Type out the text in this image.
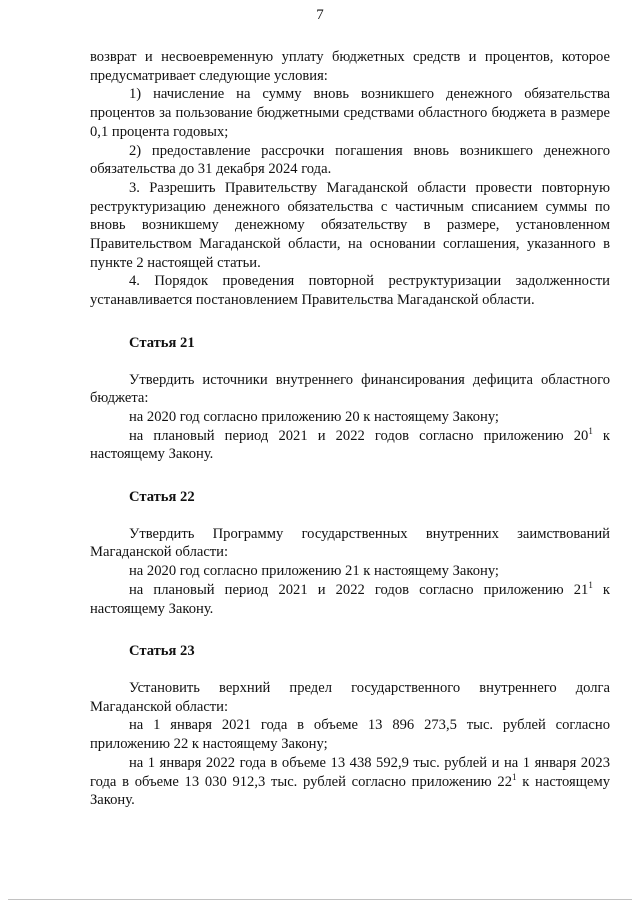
7

возврат и несвоевременную уплату бюджетных средств и процентов, которое предусматривает следующие условия:

1) начисление на сумму вновь возникшего денежного обязательства процентов за пользование бюджетными средствами областного бюджета в размере 0,1 процента годовых;

2) предоставление рассрочки погашения вновь возникшего денежного обязательства до 31 декабря 2024 года.

3. Разрешить Правительству Магаданской области провести повторную реструктуризацию денежного обязательства с частичным списанием суммы по вновь возникшему денежному обязательству в размере, установленном Правительством Магаданской области, на основании соглашения, указанного в пункте 2 настоящей статьи.

4. Порядок проведения повторной реструктуризации задолженности устанавливается постановлением Правительства Магаданской области.

Статья 21

Утвердить источники внутреннего финансирования дефицита областного бюджета:

на 2020 год согласно приложению 20 к настоящему Закону;

на плановый период 2021 и 2022 годов согласно приложению $20^1$ к настоящему Закону.

Статья 22

Утвердить Программу государственных внутренних заимствований Магаданской области:

на 2020 год согласно приложению 21 к настоящему Закону;

на плановый период 2021 и 2022 годов согласно приложению $21^1$ к настоящему Закону.

Статья 23

Установить верхний предел государственного внутреннего долга Магаданской области:

на 1 января 2021 года в объеме 13 896 273,5 тыс. рублей согласно приложению 22 к настоящему Закону;

на 1 января 2022 года в объеме 13 438 592,9 тыс. рублей и на 1 января 2023 года в объеме 13 030 912,3 тыс. рублей согласно приложению $22^1$ к настоящему Закону.
